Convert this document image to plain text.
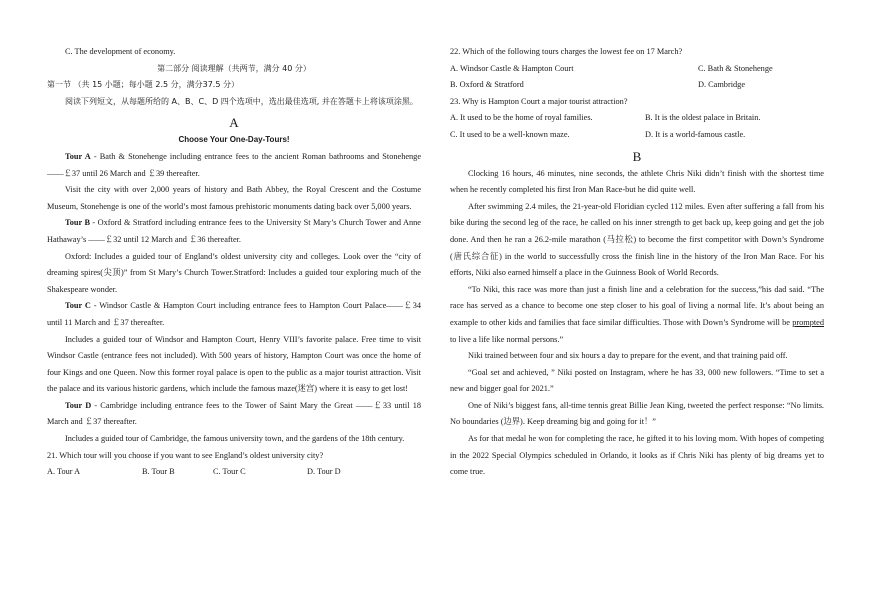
C. The development of economy.

第二部分 阅读理解（共两节，满分 40 分）

第一节 （共 15 小题；每小题 2.5 分，满分37.5 分）

阅读下列短文，从每题所给的 A、B、C、D 四个选项中，选出最佳选项, 并在答题卡上将该项涂黑。

A

Choose Your One-Day-Tours!

Tour A - Bath & Stonehenge including entrance fees to the ancient Roman bathrooms and Stonehenge ——￡37 until 26 March and ￡39 thereafter.

Visit the city with over 2,000 years of history and Bath Abbey, the Royal Crescent and the Costume Museum, Stonehenge is one of the world’s most famous prehistoric monuments dating back over 5,000 years.

Tour B - Oxford & Stratford including entrance fees to the University St Mary’s Church Tower and Anne Hathaway’s ——￡32 until 12 March and ￡36 thereafter.

Oxford: Includes a guided tour of England’s oldest university city and colleges. Look over the “city of dreaming spires(尖顶)” from St Mary’s Church Tower.Stratford: Includes a guided tour exploring much of the Shakespeare wonder.

Tour C - Windsor Castle & Hampton Court including entrance fees to Hampton Court Palace——￡34 until 11 March and ￡37 thereafter.

Includes a guided tour of Windsor and Hampton Court, Henry VIII’s favorite palace. Free time to visit Windsor Castle (entrance fees not included). With 500 years of history, Hampton Court was once the home of four Kings and one Queen. Now this former royal palace is open to the public as a major tourist attraction. Visit the palace and its various historic gardens, which include the famous maze(迷宫) where it is easy to get lost!

Tour D - Cambridge including entrance fees to the Tower of Saint Mary the Great ——￡33 until 18 March and ￡37 thereafter.

Includes a guided tour of Cambridge, the famous university town, and the gardens of the 18th century.

21. Which tour will you choose if you want to see England’s oldest university city?

A. Tour A	B. Tour B	C. Tour C	D. Tour D

22. Which of the following tours charges the lowest fee on 17 March?

A. Windsor Castle & Hampton Court	C. Bath & Stonehenge
B. Oxford & Stratford	D. Cambridge

23. Why is Hampton Court a major tourist attraction?

A. It used to be the home of royal families.	B. It is the oldest palace in Britain.
C. It used to be a well-known maze.	D. It is a world-famous castle.

B

Clocking 16 hours, 46 minutes, nine seconds, the athlete Chris Niki didn’t finish with the shortest time when he recently completed his first Iron Man Race-but he did quite well.

After swimming 2.4 miles, the 21-year-old Floridian cycled 112 miles. Even after suffering a fall from his bike during the second leg of the race, he called on his inner strength to get back up, keep going and get the job done. And then he ran a 26.2-mile marathon (马拉松) to become the first competitor with Down’s Syndrome (唐氏综合征) in the world to successfully cross the finish line in the history of the Iron Man Race. For his efforts, Niki also earned himself a place in the Guinness Book of World Records.

“To Niki, this race was more than just a finish line and a celebration for the success,”his dad said. “The race has served as a chance to become one step closer to his goal of living a normal life. It’s about being an example to other kids and families that face similar difficulties. Those with Down’s Syndrome will be prompted to live a life like normal persons.”

Niki trained between four and six hours a day to prepare for the event, and that training paid off.

“Goal set and achieved, ” Niki posted on Instagram, where he has 33, 000 new followers. “Time to set a new and bigger goal for 2021.”

One of Niki’s biggest fans, all-time tennis great Billie Jean King, tweeted the perfect response: “No limits. No boundaries (边界). Keep dreaming big and going for it！”

As for that medal he won for completing the race, he gifted it to his loving mom. With hopes of competing in the 2022 Special Olympics scheduled in Orlando, it looks as if Chris Niki has plenty of big dreams yet to come true.
